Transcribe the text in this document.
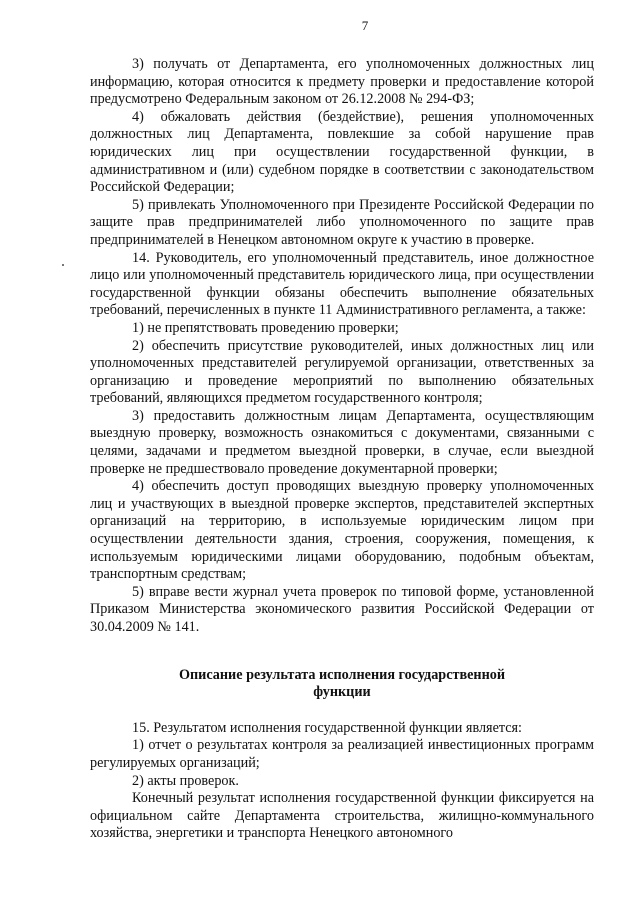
7

3) получать от Департамента, его уполномоченных должностных лиц информацию, которая относится к предмету проверки и предоставление которой предусмотрено Федеральным законом от 26.12.2008 № 294-ФЗ;

4) обжаловать действия (бездействие), решения уполномоченных должностных лиц Департамента, повлекшие за собой нарушение прав юридических лиц при осуществлении государственной функции, в административном и (или) судебном порядке в соответствии с законодательством Российской Федерации;

5) привлекать Уполномоченного при Президенте Российской Федерации по защите прав предпринимателей либо уполномоченного по защите прав предпринимателей в Ненецком автономном округе к участию в проверке.

14. Руководитель, его уполномоченный представитель, иное должностное лицо или уполномоченный представитель юридического лица, при осуществлении государственной функции обязаны обеспечить выполнение обязательных требований, перечисленных в пункте 11 Административного регламента, а также:

1) не препятствовать проведению проверки;

2) обеспечить присутствие руководителей, иных должностных лиц или уполномоченных представителей регулируемой организации, ответственных за организацию и проведение мероприятий по выполнению обязательных требований, являющихся предметом государственного контроля;

3) предоставить должностным лицам Департамента, осуществляющим выездную проверку, возможность ознакомиться с документами, связанными с целями, задачами и предметом выездной проверки, в случае, если выездной проверке не предшествовало проведение документарной проверки;

4) обеспечить доступ проводящих выездную проверку уполномоченных лиц и участвующих в выездной проверке экспертов, представителей экспертных организаций на территорию, в используемые юридическим лицом при осуществлении деятельности здания, строения, сооружения, помещения, к используемым юридическими лицами оборудованию, подобным объектам, транспортным средствам;

5) вправе вести журнал учета проверок по типовой форме, установленной Приказом Министерства экономического развития Российской Федерации от 30.04.2009 № 141.

Описание результата исполнения государственной
функции

15. Результатом исполнения государственной функции является:

1) отчет о результатах контроля за реализацией инвестиционных программ регулируемых организаций;

2) акты проверок.

Конечный результат исполнения государственной функции фиксируется на официальном сайте Департамента строительства, жилищно-коммунального хозяйства, энергетики и транспорта Ненецкого автономного
